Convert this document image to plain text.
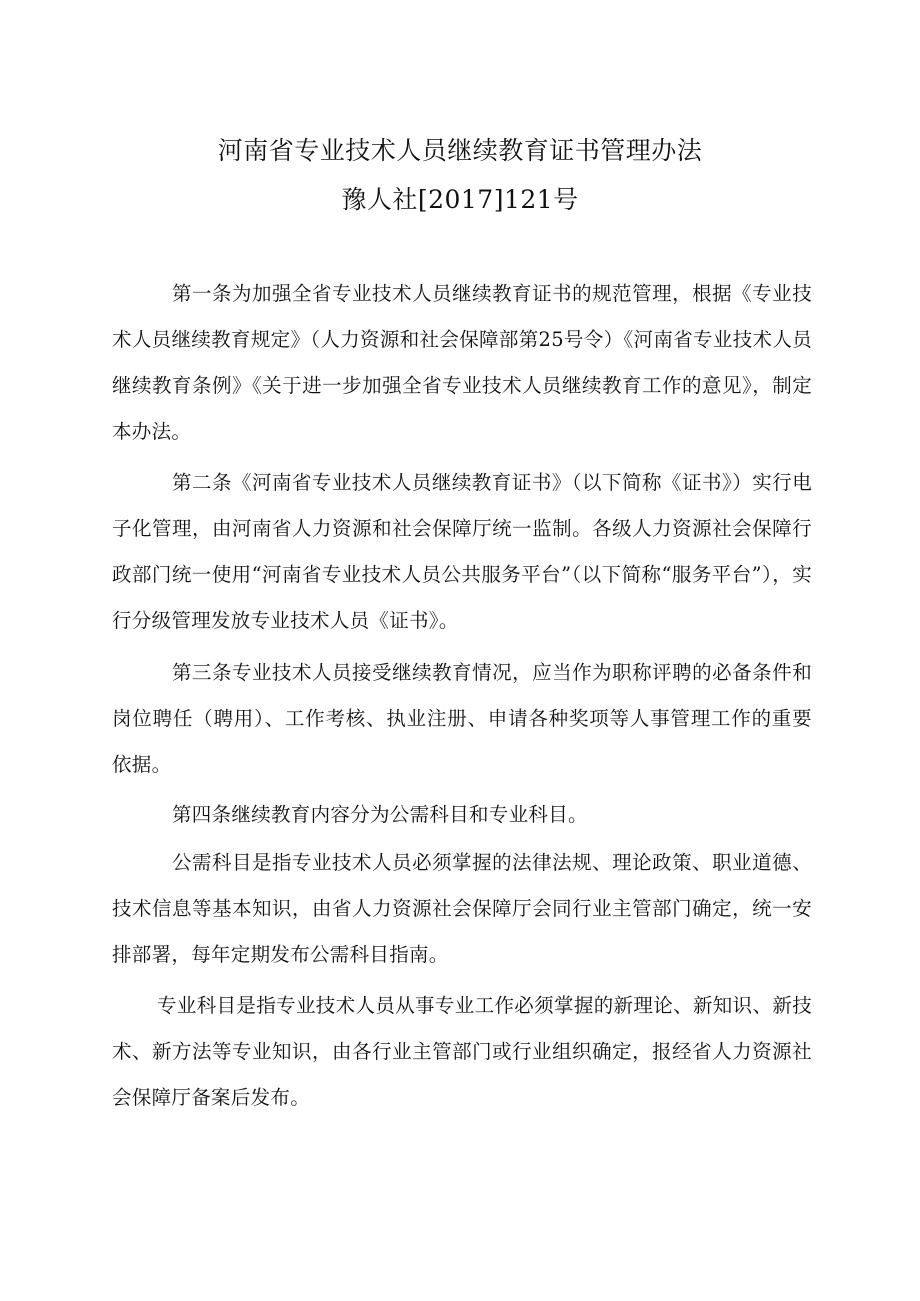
河南省专业技术人员继续教育证书管理办法
豫人社[2017]121号
第一条为加强全省专业技术人员继续教育证书的规范管理，根据《专业技术人员继续教育规定》（人力资源和社会保障部第25号令）《河南省专业技术人员继续教育条例》《关于进一步加强全省专业技术人员继续教育工作的意见》，制定本办法。
第二条《河南省专业技术人员继续教育证书》（以下简称《证书》）实行电子化管理，由河南省人力资源和社会保障厅统一监制。各级人力资源社会保障行政部门统一使用“河南省专业技术人员公共服务平台”（以下简称“服务平台”），实行分级管理发放专业技术人员《证书》。
第三条专业技术人员接受继续教育情况，应当作为职称评聘的必备条件和岗位聘任（聘用）、工作考核、执业注册、申请各种奖项等人事管理工作的重要依据。
第四条继续教育内容分为公需科目和专业科目。
公需科目是指专业技术人员必须掌握的法律法规、理论政策、职业道德、技术信息等基本知识，由省人力资源社会保障厅会同行业主管部门确定，统一安排部署，每年定期发布公需科目指南。
专业科目是指专业技术人员从事专业工作必须掌握的新理论、新知识、新技术、新方法等专业知识，由各行业主管部门或行业组织确定，报经省人力资源社会保障厅备案后发布。
